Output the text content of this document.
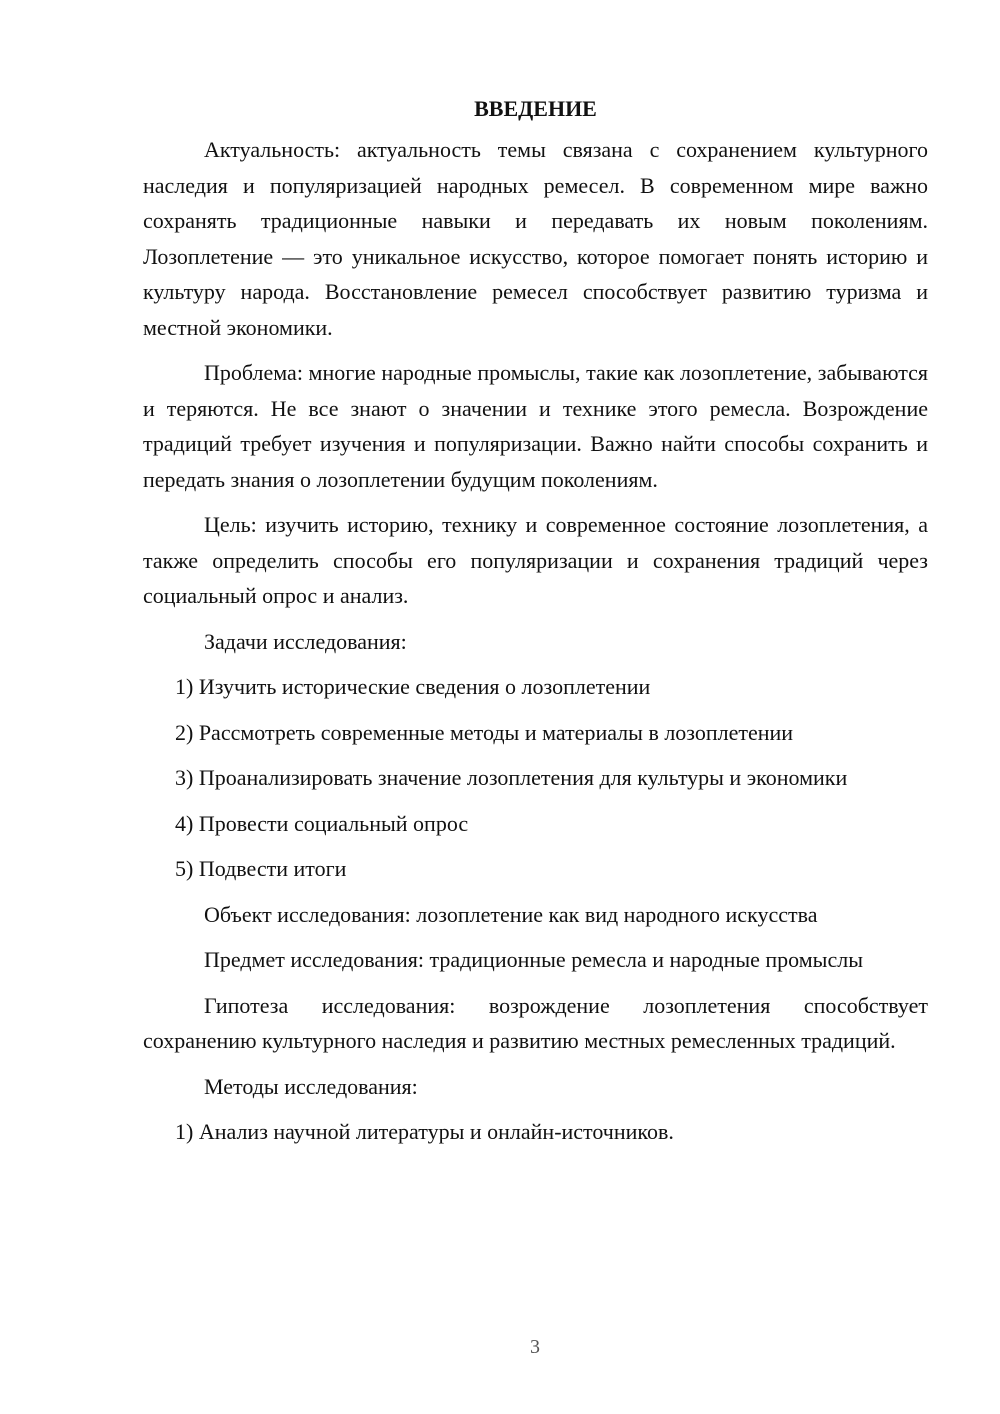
ВВЕДЕНИЕ

Актуальность: актуальность темы связана с сохранением культурного наследия и популяризацией народных ремесел. В современном мире важно сохранять традиционные навыки и передавать их новым поколениям. Лозоплетение — это уникальное искусство, которое помогает понять историю и культуру народа. Восстановление ремесел способствует развитию туризма и местной экономики.

Проблема: многие народные промыслы, такие как лозоплетение, забываются и теряются. Не все знают о значении и технике этого ремесла. Возрождение традиций требует изучения и популяризации. Важно найти способы сохранить и передать знания о лозоплетении будущим поколениям.

Цель: изучить историю, технику и современное состояние лозоплетения, а также определить способы его популяризации и сохранения традиций через социальный опрос и анализ.

Задачи исследования:

1) Изучить исторические сведения о лозоплетении

2) Рассмотреть современные методы и материалы в лозоплетении

3) Проанализировать значение лозоплетения для культуры и экономики

4) Провести социальный опрос

5) Подвести итоги

Объект исследования: лозоплетение как вид народного искусства

Предмет исследования: традиционные ремесла и народные промыслы

Гипотеза исследования: возрождение лозоплетения способствует сохранению культурного наследия и развитию местных ремесленных традиций.

Методы исследования:

1) Анализ научной литературы и онлайн-источников.

3
